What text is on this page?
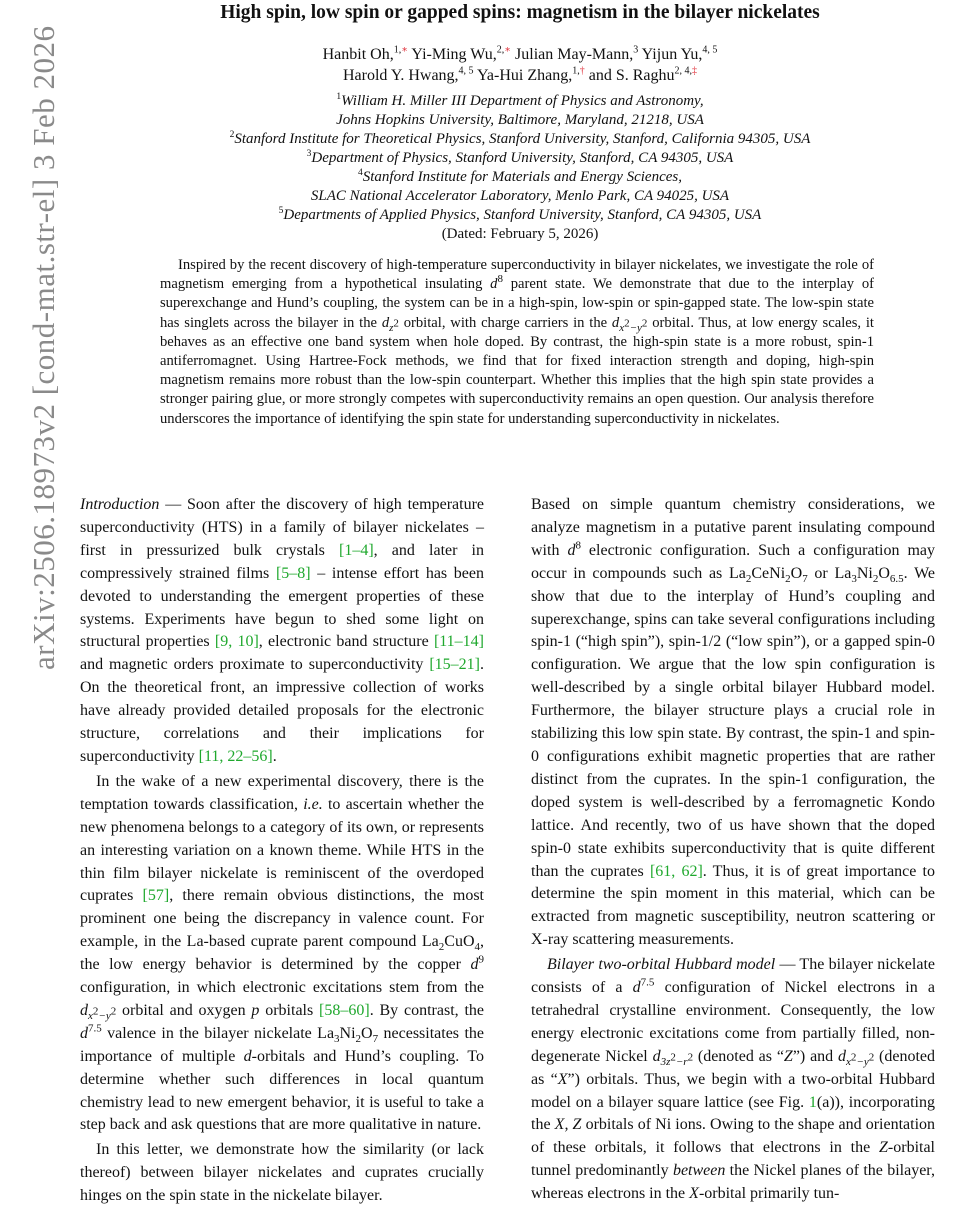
arXiv:2506.18973v2 [cond-mat.str-el] 3 Feb 2026
High spin, low spin or gapped spins: magnetism in the bilayer nickelates
Hanbit Oh,$^{1,∗}$ Yi-Ming Wu,$^{2,∗}$ Julian May-Mann,$^3$ Yijun Yu,$^{4, 5}$
Harold Y. Hwang,$^{4, 5}$ Ya-Hui Zhang,$^{1,\dagger}$ and S. Raghu$^{2, 4,\ddagger}$
$^1$William H. Miller III Department of Physics and Astronomy,
Johns Hopkins University, Baltimore, Maryland, 21218, USA
$^2$Stanford Institute for Theoretical Physics, Stanford University, Stanford, California 94305, USA
$^3$Department of Physics, Stanford University, Stanford, CA 94305, USA
$^4$Stanford Institute for Materials and Energy Sciences,
SLAC National Accelerator Laboratory, Menlo Park, CA 94025, USA
$^5$Departments of Applied Physics, Stanford University, Stanford, CA 94305, USA
(Dated: February 5, 2026)

Inspired by the recent discovery of high-temperature superconductivity in bilayer nickelates, we investigate the role of magnetism emerging from a hypothetical insulating $d^8$ parent state. We demonstrate that due to the interplay of superexchange and Hund’s coupling, the system can be in a high-spin, low-spin or spin-gapped state. The low-spin state has singlets across the bilayer in the $d_{z^2}$ orbital, with charge carriers in the $d_{x^2-y^2}$ orbital. Thus, at low energy scales, it behaves as an effective one band system when hole doped. By contrast, the high-spin state is a more robust, spin-1 antiferromagnet. Using Hartree-Fock methods, we find that for fixed interaction strength and doping, high-spin magnetism remains more robust than the low-spin counterpart. Whether this implies that the high spin state provides a stronger pairing glue, or more strongly competes with superconductivity remains an open question. Our analysis therefore underscores the importance of identifying the spin state for understanding superconductivity in nickelates.

Introduction — Soon after the discovery of high temperature superconductivity (HTS) in a family of bilayer nickelates – first in pressurized bulk crystals [1–4], and later in compressively strained films [5–8] – intense effort has been devoted to understanding the emergent properties of these systems. Experiments have begun to shed some light on structural properties [9, 10], electronic band structure [11–14] and magnetic orders proximate to superconductivity [15–21]. On the theoretical front, an impressive collection of works have already provided detailed proposals for the electronic structure, correlations and their implications for superconductivity [11, 22–56].

In the wake of a new experimental discovery, there is the temptation towards classification, i.e. to ascertain whether the new phenomena belongs to a category of its own, or represents an interesting variation on a known theme. While HTS in the thin film bilayer nickelate is reminiscent of the overdoped cuprates [57], there remain obvious distinctions, the most prominent one being the discrepancy in valence count. For example, in the La-based cuprate parent compound $La_2CuO_4$, the low energy behavior is determined by the copper $d^9$ configuration, in which electronic excitations stem from the $d_{x^2-y^2}$ orbital and oxygen p orbitals [58–60]. By contrast, the $d^{7.5}$ valence in the bilayer nickelate $La_3Ni_2O_7$ necessitates the importance of multiple d-orbitals and Hund’s coupling. To determine whether such differences in local quantum chemistry lead to new emergent behavior, it is useful to take a step back and ask questions that are more qualitative in nature.

In this letter, we demonstrate how the similarity (or lack thereof) between bilayer nickelates and cuprates crucially hinges on the spin state in the nickelate bilayer.

Based on simple quantum chemistry considerations, we analyze magnetism in a putative parent insulating compound with $d^8$ electronic configuration. Such a configuration may occur in compounds such as $La_2CeNi_2O_7$ or $La_3Ni_2O_{6.5}$. We show that due to the interplay of Hund’s coupling and superexchange, spins can take several configurations including spin-1 (“high spin”), spin-1/2 (“low spin”), or a gapped spin-0 configuration. We argue that the low spin configuration is well-described by a single orbital bilayer Hubbard model. Furthermore, the bilayer structure plays a crucial role in stabilizing this low spin state. By contrast, the spin-1 and spin-0 configurations exhibit magnetic properties that are rather distinct from the cuprates. In the spin-1 configuration, the doped system is well-described by a ferromagnetic Kondo lattice. And recently, two of us have shown that the doped spin-0 state exhibits superconductivity that is quite different than the cuprates [61, 62]. Thus, it is of great importance to determine the spin moment in this material, which can be extracted from magnetic susceptibility, neutron scattering or X-ray scattering measurements.

Bilayer two-orbital Hubbard model — The bilayer nickelate consists of a $d^{7.5}$ configuration of Nickel electrons in a tetrahedral crystalline environment. Consequently, the low energy electronic excitations come from partially filled, non-degenerate Nickel $d_{3z^2-r^2}$ (denoted as “Z”) and $d_{x^2-y^2}$ (denoted as “X”) orbitals. Thus, we begin with a two-orbital Hubbard model on a bilayer square lattice (see Fig. 1(a)), incorporating the X, Z orbitals of Ni ions. Owing to the shape and orientation of these orbitals, it follows that electrons in the Z-orbital tunnel predominantly between the Nickel planes of the bilayer, whereas electrons in the X-orbital primarily tun-
